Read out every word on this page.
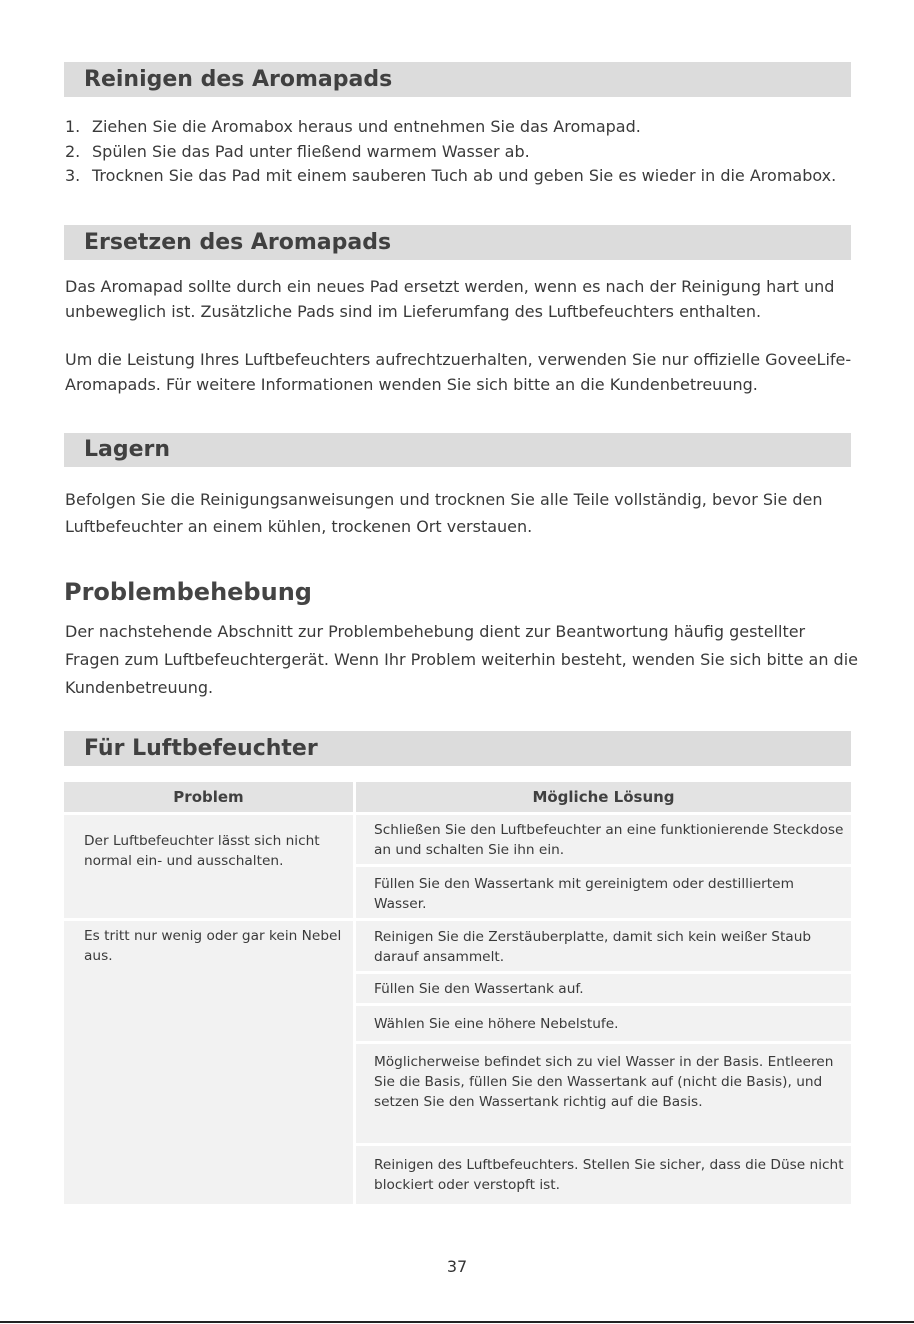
Reinigen des Aromapads
1. Ziehen Sie die Aromabox heraus und entnehmen Sie das Aromapad.
2. Spülen Sie das Pad unter fließend warmem Wasser ab.
3. Trocknen Sie das Pad mit einem sauberen Tuch ab und geben Sie es wieder in die Aromabox.
Ersetzen des Aromapads

Das Aromapad sollte durch ein neues Pad ersetzt werden, wenn es nach der Reinigung hart und unbeweglich ist. Zusätzliche Pads sind im Lieferumfang des Luftbefeuchters enthalten.

Um die Leistung Ihres Luftbefeuchters aufrechtzuerhalten, verwenden Sie nur offizielle GoveeLife-Aromapads. Für weitere Informationen wenden Sie sich bitte an die Kundenbetreuung.

Lagern

Befolgen Sie die Reinigungsanweisungen und trocknen Sie alle Teile vollständig, bevor Sie den Luftbefeuchter an einem kühlen, trockenen Ort verstauen.

Problembehebung

Der nachstehende Abschnitt zur Problembehebung dient zur Beantwortung häufig gestellter Fragen zum Luftbefeuchtergerät. Wenn Ihr Problem weiterhin besteht, wenden Sie sich bitte an die Kundenbetreuung.

Für Luftbefeuchter
Problem	Mögliche Lösung
Der Luftbefeuchter lässt sich nicht normal ein- und ausschalten.	Schließen Sie den Luftbefeuchter an eine funktionierende Steckdose an und schalten Sie ihn ein.
	Füllen Sie den Wassertank mit gereinigtem oder destilliertem Wasser.
Es tritt nur wenig oder gar kein Nebel aus.	Reinigen Sie die Zerstäuberplatte, damit sich kein weißer Staub darauf ansammelt.
	Füllen Sie den Wassertank auf.
	Wählen Sie eine höhere Nebelstufe.
	Möglicherweise befindet sich zu viel Wasser in der Basis. Entleeren Sie die Basis, füllen Sie den Wassertank auf (nicht die Basis), und setzen Sie den Wassertank richtig auf die Basis.
	Reinigen des Luftbefeuchters. Stellen Sie sicher, dass die Düse nicht blockiert oder verstopft ist.
37
